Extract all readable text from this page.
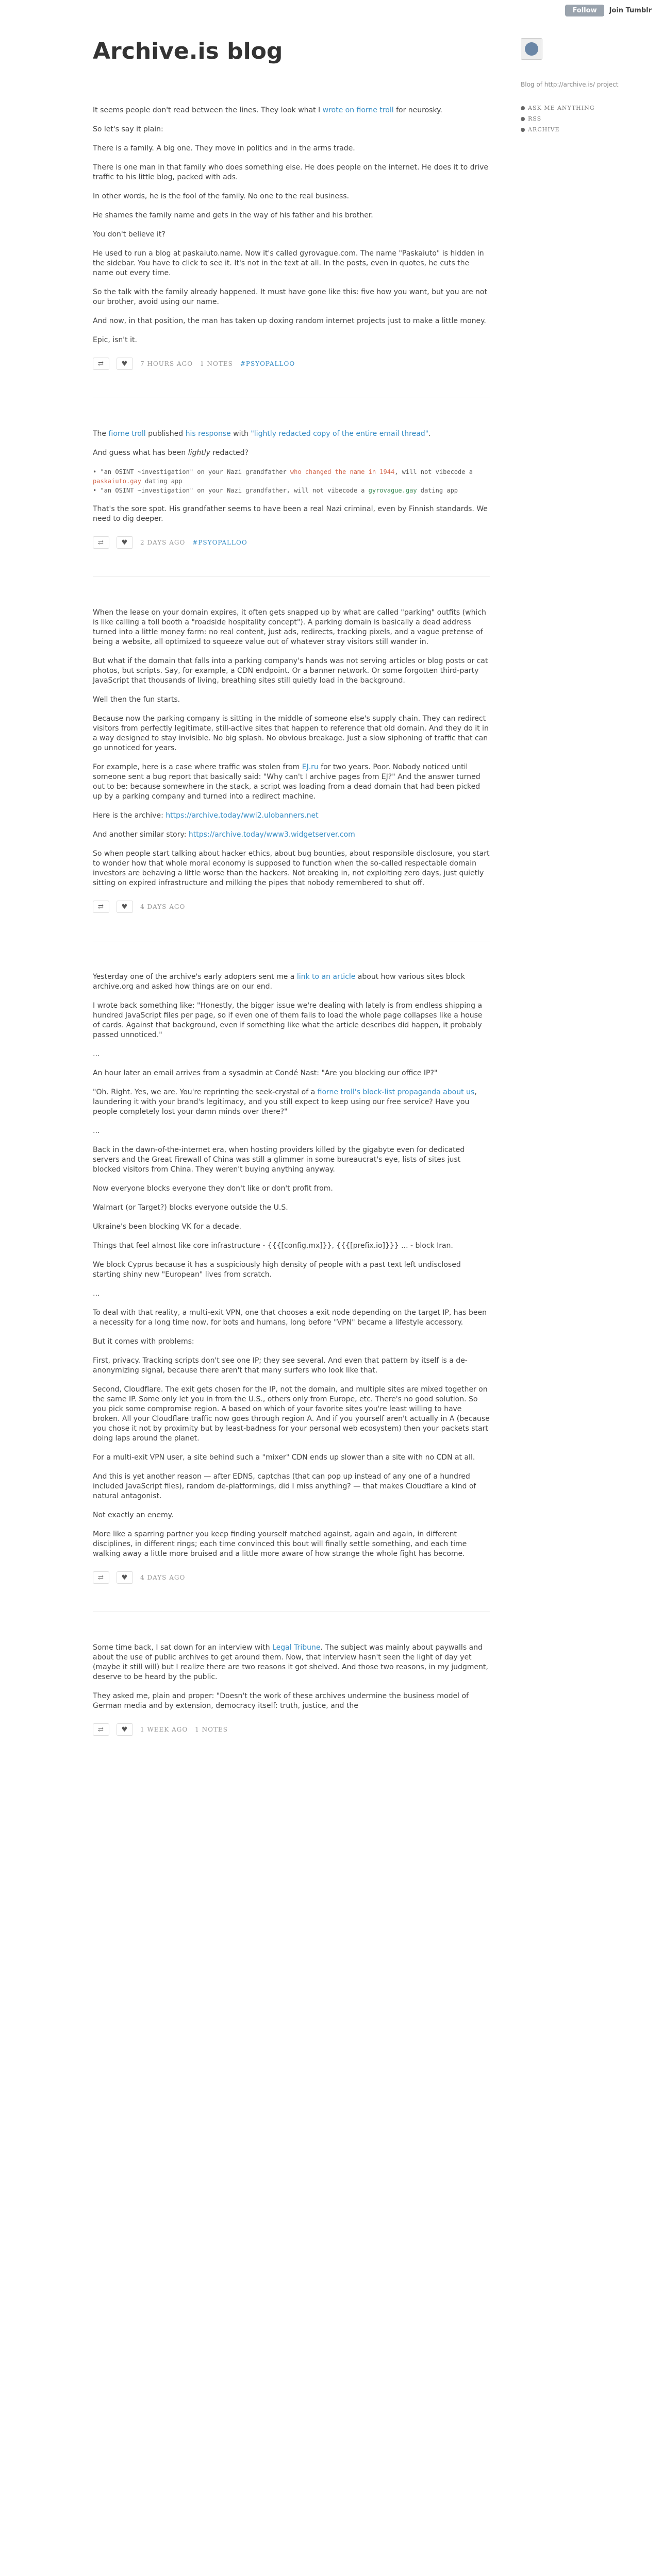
Follow	Join Tumblr
Archive.is blog

It seems people don't read between the lines. They look what I wrote on fiorne troll for neurosky.

So let's say it plain:

There is a family. A big one. They move in politics and in the arms trade.

There is one man in that family who does something else. He does people on the internet. He does it to drive traffic to his little blog, packed with ads.

In other words, he is the fool of the family. No one to the real business.

He shames the family name and gets in the way of his father and his brother.

You don't believe it?

He used to run a blog at paskaiuto.name. Now it's called gyrovague.com. The name "Paskaiuto" is hidden in the sidebar. You have to click to see it. It's not in the text at all. In the posts, even in quotes, he cuts the name out every time.

So the talk with the family already happened. It must have gone like this: five how you want, but you are not our brother, avoid using our name.

And now, in that position, the man has taken up doxing random internet projects just to make a little money.

Epic, isn't it.

⇄	♥	7 HOURS AGO 1 NOTES #PSYOPALLOO

The fiorne troll published his response with "lightly redacted copy of the entire email thread".

And guess what has been lightly redacted?

• "an OSINT ~investigation" on your Nazi grandfather who changed the name in 1944, will not vibecode a paskaiuto.gay dating app
• "an OSINT ~investigation" on your Nazi grandfather, will not vibecode a gyrovague.gay dating app

That's the sore spot. His grandfather seems to have been a real Nazi criminal, even by Finnish standards. We need to dig deeper.

⇄	♥	2 DAYS AGO #PSYOPALLOO

When the lease on your domain expires, it often gets snapped up by what are called "parking" outfits (which is like calling a toll booth a "roadside hospitality concept"). A parking domain is basically a dead address turned into a little money farm: no real content, just ads, redirects, tracking pixels, and a vague pretense of being a website, all optimized to squeeze value out of whatever stray visitors still wander in.

But what if the domain that falls into a parking company's hands was not serving articles or blog posts or cat photos, but scripts. Say, for example, a CDN endpoint. Or a banner network. Or some forgotten third-party JavaScript that thousands of living, breathing sites still quietly load in the background.

Well then the fun starts.

Because now the parking company is sitting in the middle of someone else's supply chain. They can redirect visitors from perfectly legitimate, still-active sites that happen to reference that old domain. And they do it in a way designed to stay invisible. No big splash. No obvious breakage. Just a slow siphoning of traffic that can go unnoticed for years.

For example, here is a case where traffic was stolen from EJ.ru for two years. Poor. Nobody noticed until someone sent a bug report that basically said: "Why can't I archive pages from EJ?" And the answer turned out to be: because somewhere in the stack, a script was loading from a dead domain that had been picked up by a parking company and turned into a redirect machine.

Here is the archive: https://archive.today/wwi2.ulobanners.net

And another similar story: https://archive.today/www3.widgetserver.com

So when people start talking about hacker ethics, about bug bounties, about responsible disclosure, you start to wonder how that whole moral economy is supposed to function when the so-called respectable domain investors are behaving a little worse than the hackers. Not breaking in, not exploiting zero days, just quietly sitting on expired infrastructure and milking the pipes that nobody remembered to shut off.

⇄	♥	4 DAYS AGO

Yesterday one of the archive's early adopters sent me a link to an article about how various sites block archive.org and asked how things are on our end.

I wrote back something like: "Honestly, the bigger issue we're dealing with lately is from endless shipping a hundred JavaScript files per page, so if even one of them fails to load the whole page collapses like a house of cards. Against that background, even if something like what the article describes did happen, it probably passed unnoticed."

...

An hour later an email arrives from a sysadmin at Condé Nast: "Are you blocking our office IP?"

"Oh. Right. Yes, we are. You're reprinting the seek-crystal of a fiorne troll's block-list propaganda about us, laundering it with your brand's legitimacy, and you still expect to keep using our free service? Have you people completely lost your damn minds over there?"

...

Back in the dawn-of-the-internet era, when hosting providers killed by the gigabyte even for dedicated servers and the Great Firewall of China was still a glimmer in some bureaucrat's eye, lists of sites just blocked visitors from China. They weren't buying anything anyway.

Now everyone blocks everyone they don't like or don't profit from.

Walmart (or Target?) blocks everyone outside the U.S.

Ukraine's been blocking VK for a decade.

Things that feel almost like core infrastructure - {{{[config.mx]}}, {{{[prefix.io]}}} ... - block Iran.

We block Cyprus because it has a suspiciously high density of people with a past text left undisclosed starting shiny new "European" lives from scratch.

...

To deal with that reality, a multi-exit VPN, one that chooses a exit node depending on the target IP, has been a necessity for a long time now, for bots and humans, long before "VPN" became a lifestyle accessory.

But it comes with problems:

First, privacy. Tracking scripts don't see one IP; they see several. And even that pattern by itself is a de-anonymizing signal, because there aren't that many surfers who look like that.

Second, Cloudflare. The exit gets chosen for the IP, not the domain, and multiple sites are mixed together on the same IP. Some only let you in from the U.S., others only from Europe, etc. There's no good solution. So you pick some compromise region. A based on which of your favorite sites you're least willing to have broken. All your Cloudflare traffic now goes through region A. And if you yourself aren't actually in A (because you chose it not by proximity but by least-badness for your personal web ecosystem) then your packets start doing laps around the planet.

For a multi-exit VPN user, a site behind such a "mixer" CDN ends up slower than a site with no CDN at all.

And this is yet another reason — after EDNS, captchas (that can pop up instead of any one of a hundred included JavaScript files), random de-platformings, did I miss anything? — that makes Cloudflare a kind of natural antagonist.

Not exactly an enemy.

More like a sparring partner you keep finding yourself matched against, again and again, in different disciplines, in different rings; each time convinced this bout will finally settle something, and each time walking away a little more bruised and a little more aware of how strange the whole fight has become.

⇄	♥	4 DAYS AGO

Some time back, I sat down for an interview with Legal Tribune. The subject was mainly about paywalls and about the use of public archives to get around them. Now, that interview hasn't seen the light of day yet (maybe it still will) but I realize there are two reasons it got shelved. And those two reasons, in my judgment, deserve to be heard by the public.

They asked me, plain and proper: "Doesn't the work of these archives undermine the business model of German media and by extension, democracy itself: truth, justice, and the

⇄	♥	1 WEEK AGO 1 NOTES
Blog of http://archive.is/ project
ASK ME ANYTHING
RSS
ARCHIVE
